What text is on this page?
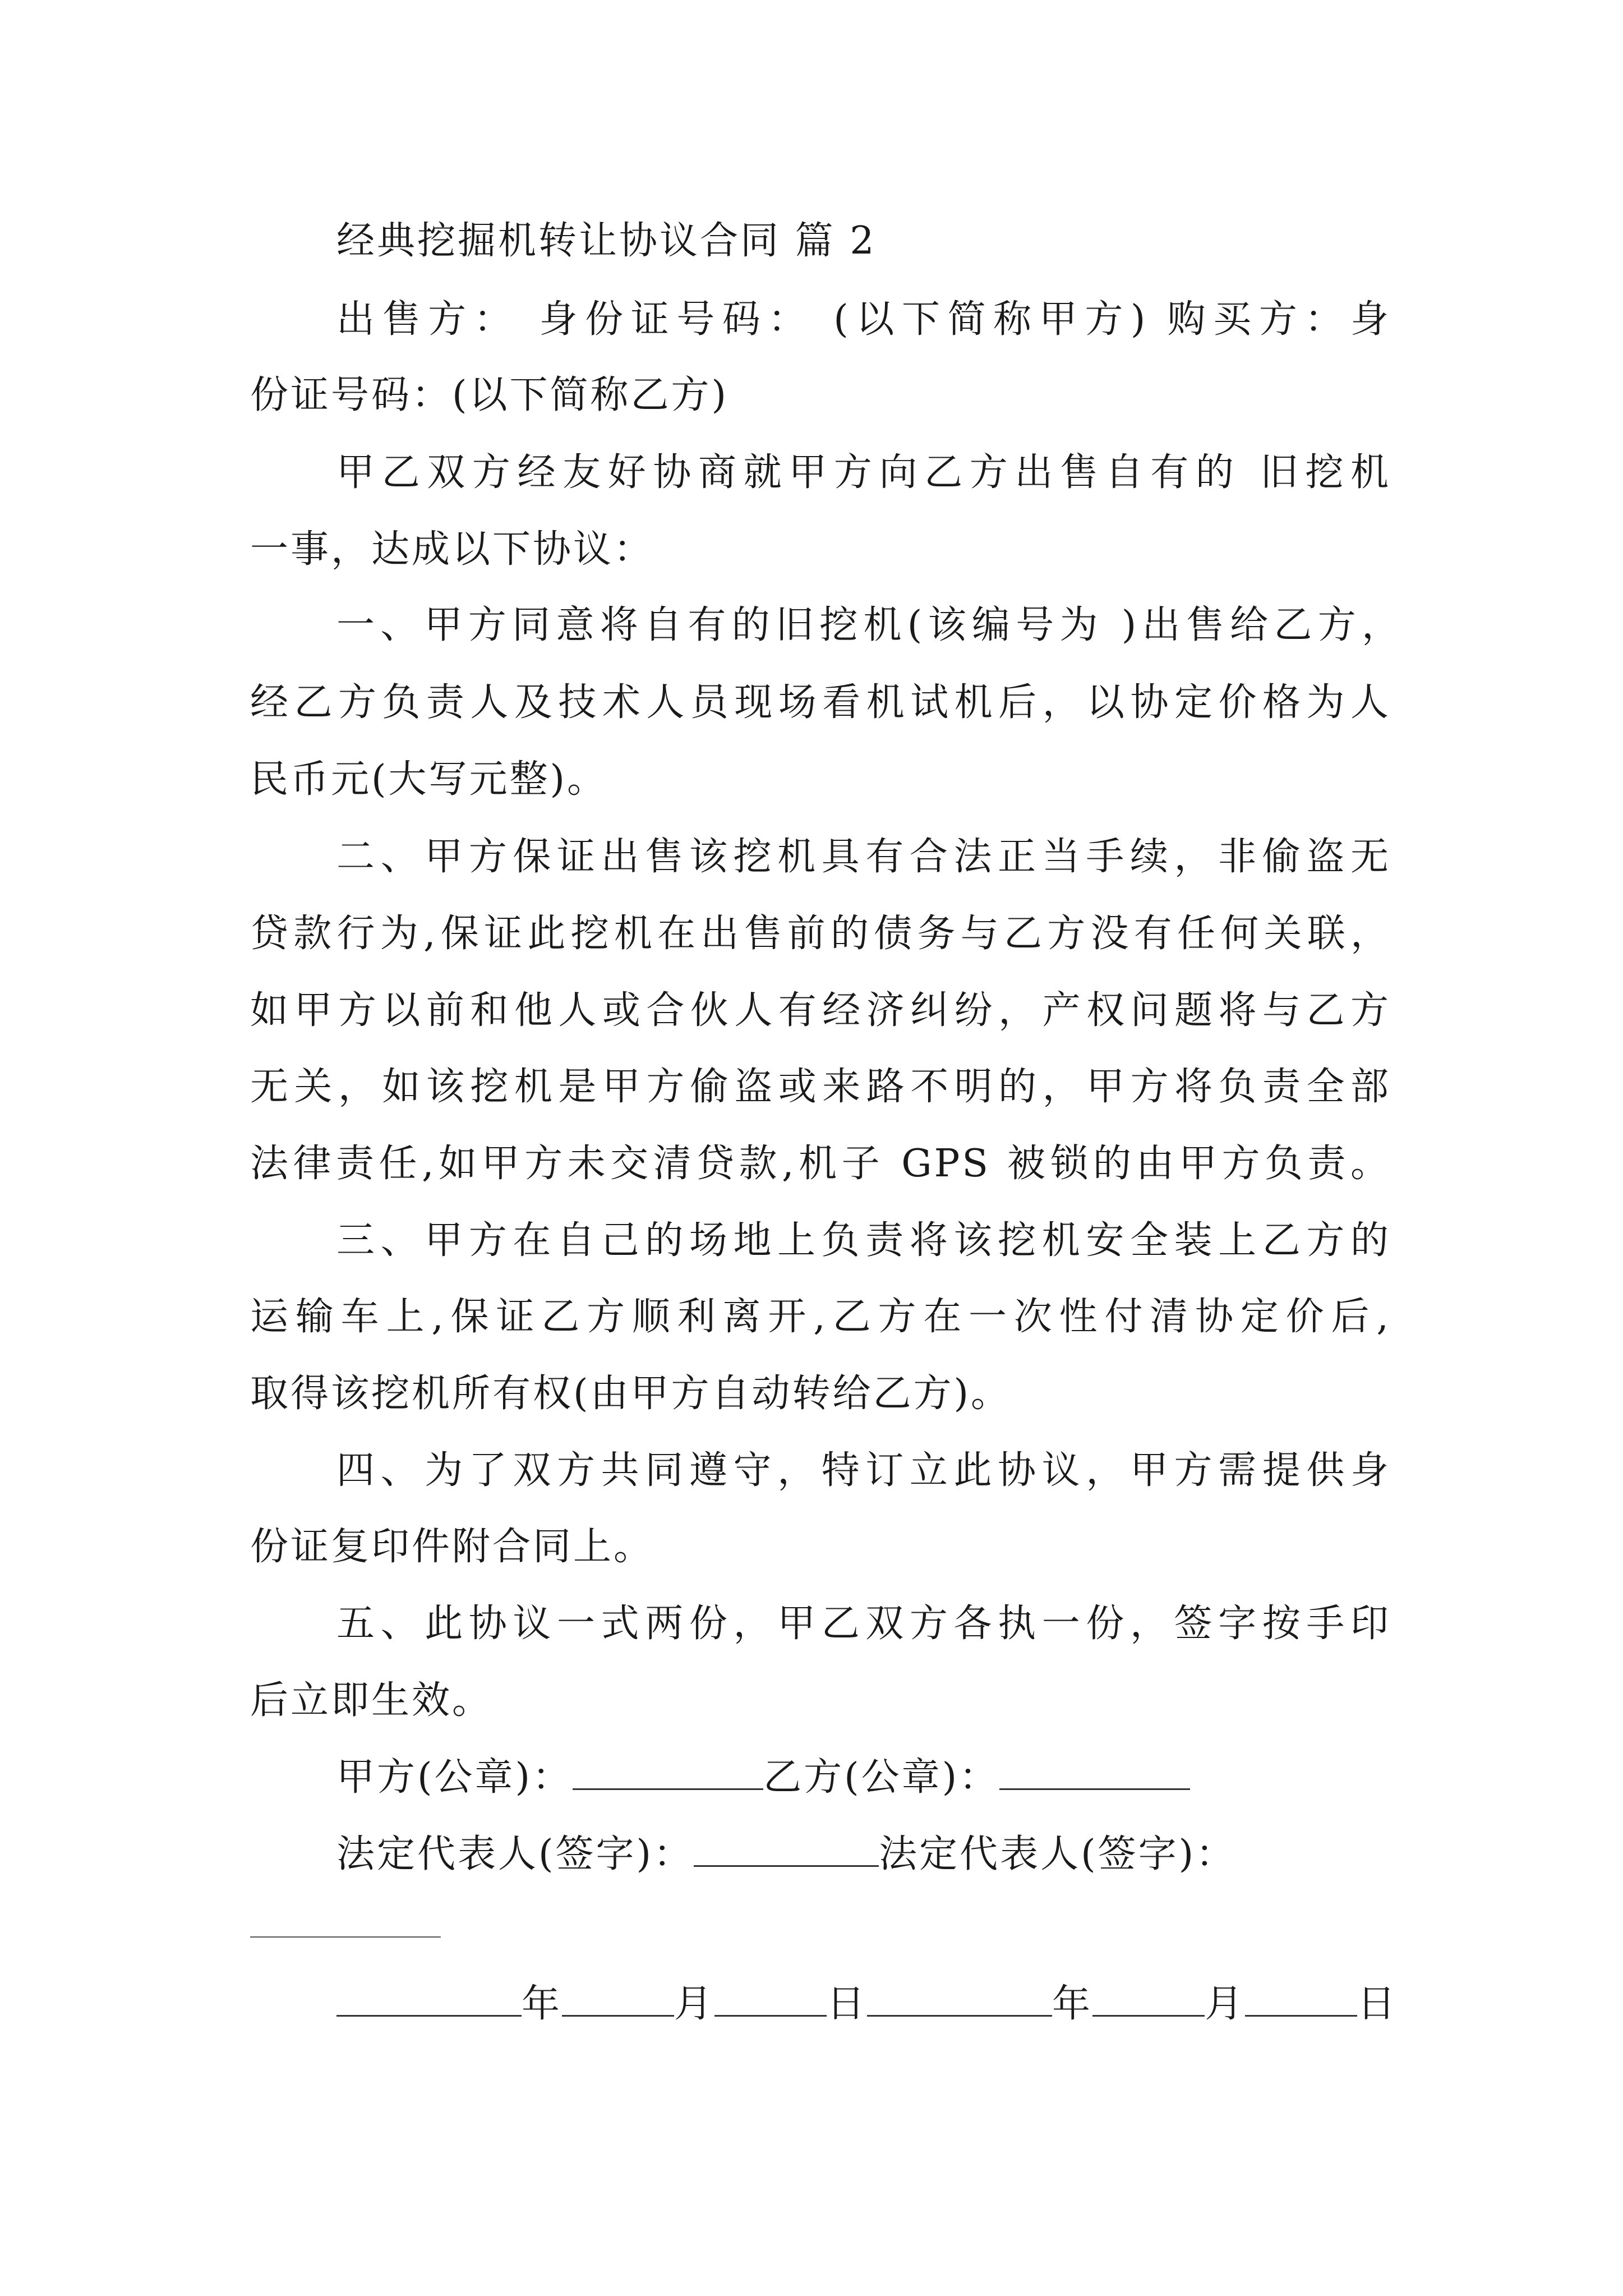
经典挖掘机转让协议合同 篇 2
出售方： 身份证号码： (以下简称甲方) 购买方：身
份证号码：(以下简称乙方)
甲乙双方经友好协商就甲方向乙方出售自有的 旧挖机
一事，达成以下协议：
一、甲方同意将自有的旧挖机(该编号为 )出售给乙方，
经乙方负责人及技术人员现场看机试机后，以协定价格为人
民币元(大写元整)。
二、甲方保证出售该挖机具有合法正当手续，非偷盗无
贷款行为,保证此挖机在出售前的债务与乙方没有任何关联，
如甲方以前和他人或合伙人有经济纠纷，产权问题将与乙方
无关，如该挖机是甲方偷盗或来路不明的，甲方将负责全部
法律责任,如甲方未交清贷款,机子 GPS 被锁的由甲方负责。
三、甲方在自己的场地上负责将该挖机安全装上乙方的
运输车上,保证乙方顺利离开,乙方在一次性付清协定价后,
取得该挖机所有权(由甲方自动转给乙方)。
四、为了双方共同遵守，特订立此协议，甲方需提供身
份证复印件附合同上。
五、此协议一式两份，甲乙双方各执一份，签字按手印
后立即生效。
甲方(公章)：	乙方(公章)：
法定代表人(签字)：	法定代表人(签字)：
年	月	日	年	月	日
